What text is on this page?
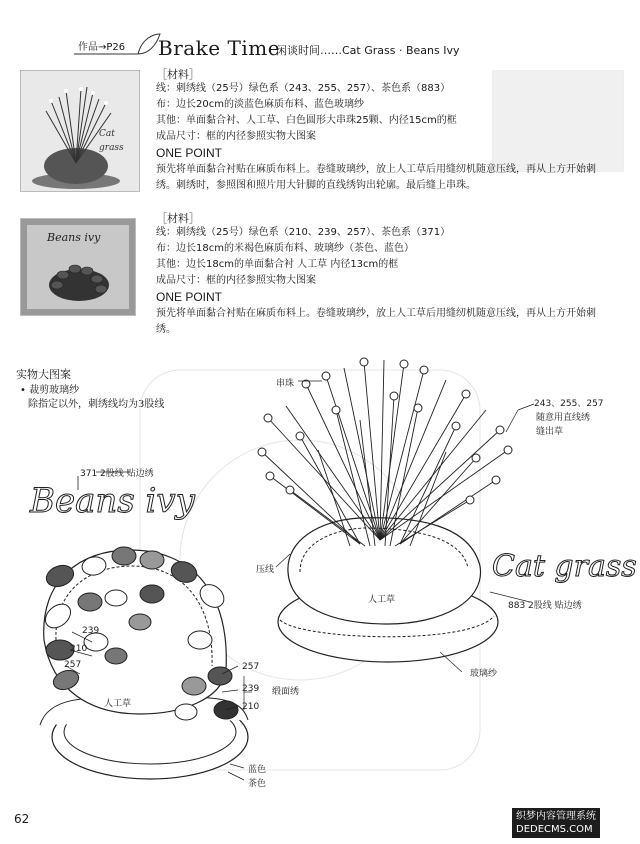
作品→P26 Brake Time
闲谈时间……Cat Grass · Beans Ivy
Cat grass
［材料］
线：刺绣线（25号）绿色系（243、255、257）、茶色系（883）
布：边长20cm的淡蓝色麻质布料、蓝色玻璃纱
其他：单面黏合衬、人工草、白色圆形大串珠25颗、内径15cm的框
成品尺寸：框的内径参照实物大图案
ONE POINT
预先将单面黏合衬贴在麻质布料上。卷缝玻璃纱，放上人工草后用缝纫机随意压线，再从上方开始刺
绣。刺绣时，参照图和照片用大针脚的直线绣钩出轮廓。最后缝上串珠。
Beans ivy
［材料］
线：刺绣线（25号）绿色系（210、239、257）、茶色系（371）
布：边长18cm的米褐色麻质布料、玻璃纱（茶色、蓝色）
其他：边长18cm的单面黏合衬 人工草 内径13cm的框
成品尺寸：框的内径参照实物大图案
ONE POINT
预先将单面黏合衬贴在麻质布料上。卷缝玻璃纱，放上人工草后用缝纫机随意压线，再从上方开始刺
绣。
实物大图案
• 裁剪玻璃纱
除指定以外，刺绣线均为3股线
Beans ivy
Cat grass
串珠
243、255、257
随意用直线绣
缝出草
371 2股线 贴边绣
压线
883 2股线 贴边绣
人工草
玻璃纱
239
210
257	257
239
210
缎面绣
人工草
蓝色
茶色
62	织梦内容管理系统
DEDECMS.COM
